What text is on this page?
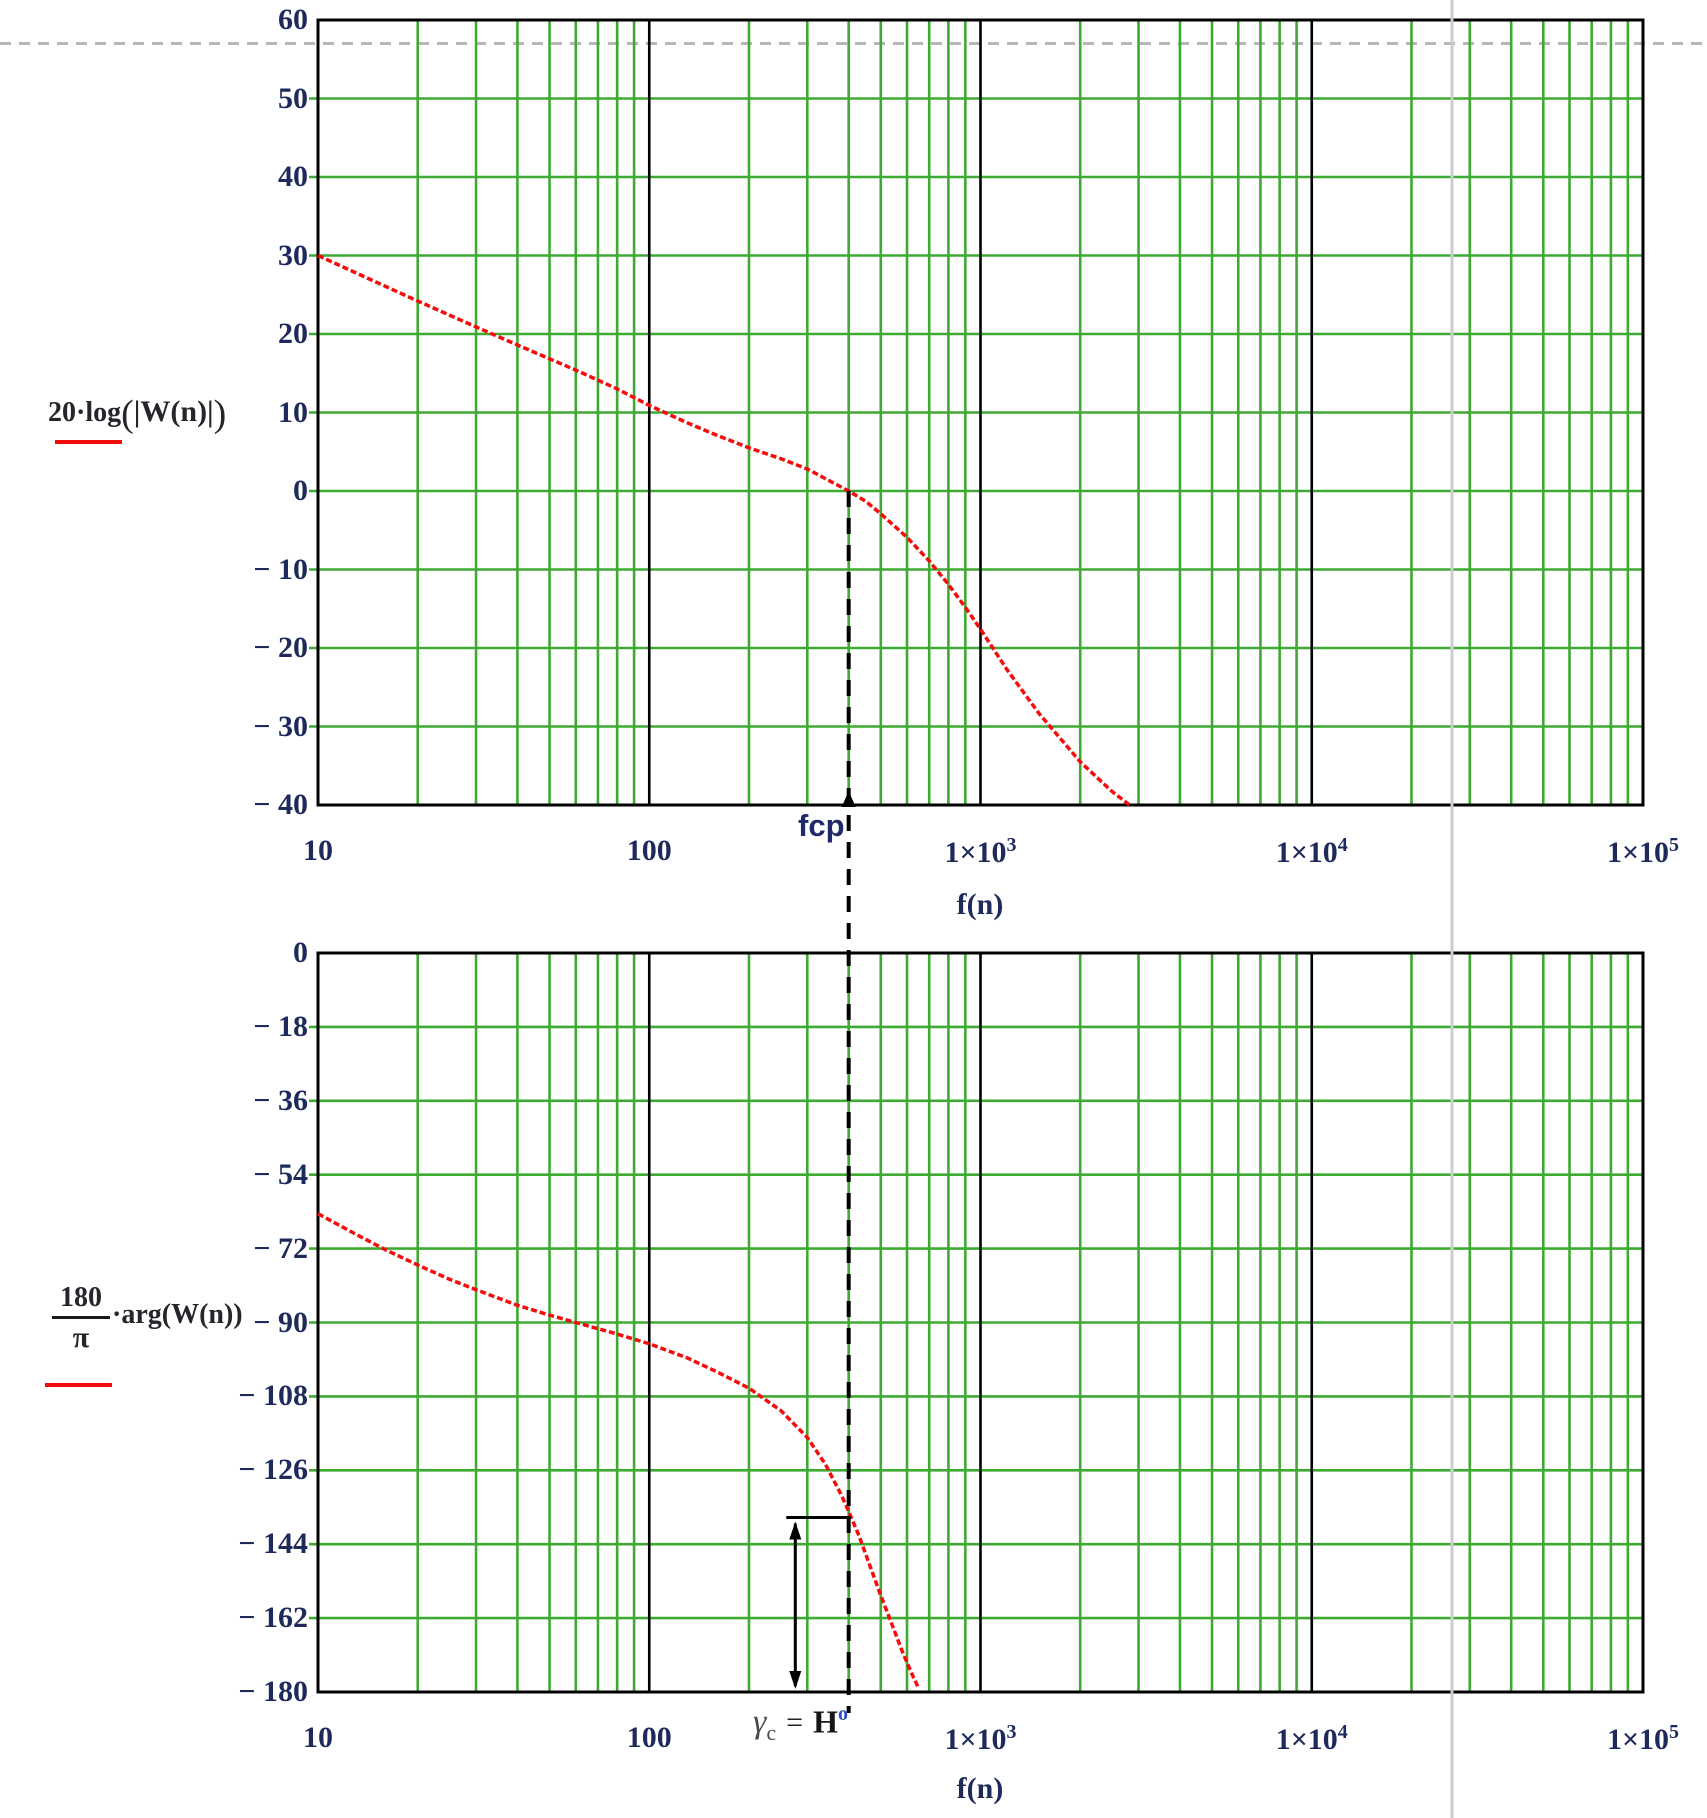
60
50
40
30
20
10
0
− 10
− 20
− 30
− 40
10	100	$1\times 10^3$	$1\times 10^4$	$1\times 10^5$
0
− 18
− 36
− 54
− 72
− 90
− 108
− 126
− 144
− 162
− 180
10	100	$1\times 10^3$	$1\times 10^4$	$1\times 10^5$
20·log(|W(n)|)
fcp
$\frac{180}{\pi} \cdot arg(W(n))$
$\gamma_c = H^o$
f(n)
f(n)
